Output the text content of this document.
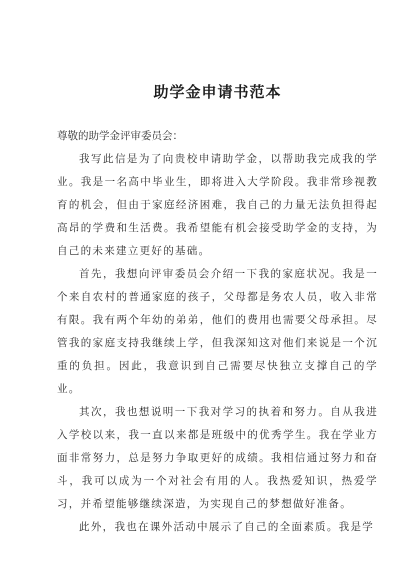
助学金申请书范本

尊敬的助学金评审委员会：

我写此信是为了向贵校申请助学金，以帮助我完成我的学业。我是一名高中毕业生，即将进入大学阶段。我非常珍视教育的机会，但由于家庭经济困难，我自己的力量无法负担得起高昂的学费和生活费。我希望能有机会接受助学金的支持，为自己的未来建立更好的基础。

首先，我想向评审委员会介绍一下我的家庭状况。我是一个来自农村的普通家庭的孩子，父母都是务农人员，收入非常有限。我有两个年幼的弟弟，他们的费用也需要父母承担。尽管我的家庭支持我继续上学，但我深知这对他们来说是一个沉重的负担。因此，我意识到自己需要尽快独立支撑自己的学业。

其次，我也想说明一下我对学习的执着和努力。自从我进入学校以来，我一直以来都是班级中的优秀学生。我在学业方面非常努力，总是努力争取更好的成绩。我相信通过努力和奋斗，我可以成为一个对社会有用的人。我热爱知识，热爱学习，并希望能够继续深造，为实现自己的梦想做好准备。

此外，我也在课外活动中展示了自己的全面素质。我是学
